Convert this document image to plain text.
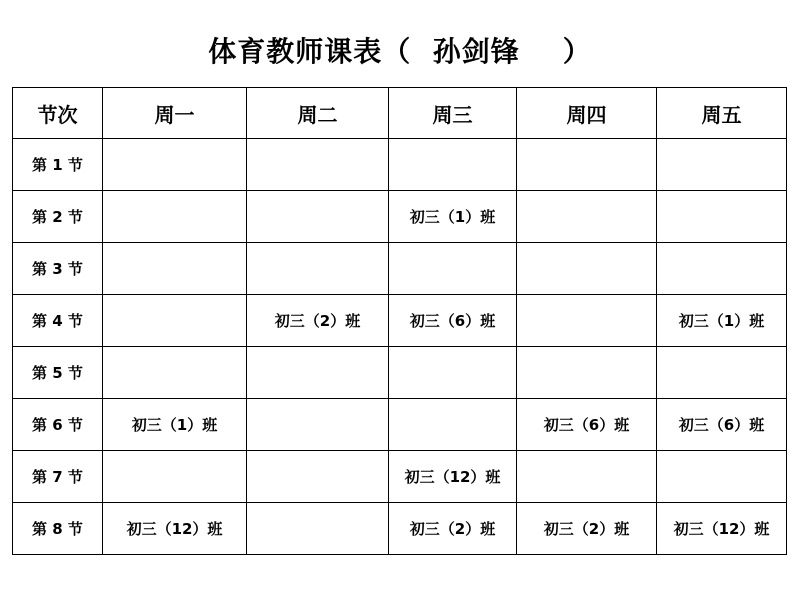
体育教师课表（  孙剑锋    ）
节次	周一	周二	周三	周四	周五
第 1 节					
第 2 节			初三（1）班		
第 3 节					
第 4 节		初三（2）班	初三（6）班		初三（1）班
第 5 节					
第 6 节	初三（1）班			初三（6）班	初三（6）班
第 7 节			初三（12）班		
第 8 节	初三（12）班		初三（2）班	初三（2）班	初三（12）班
